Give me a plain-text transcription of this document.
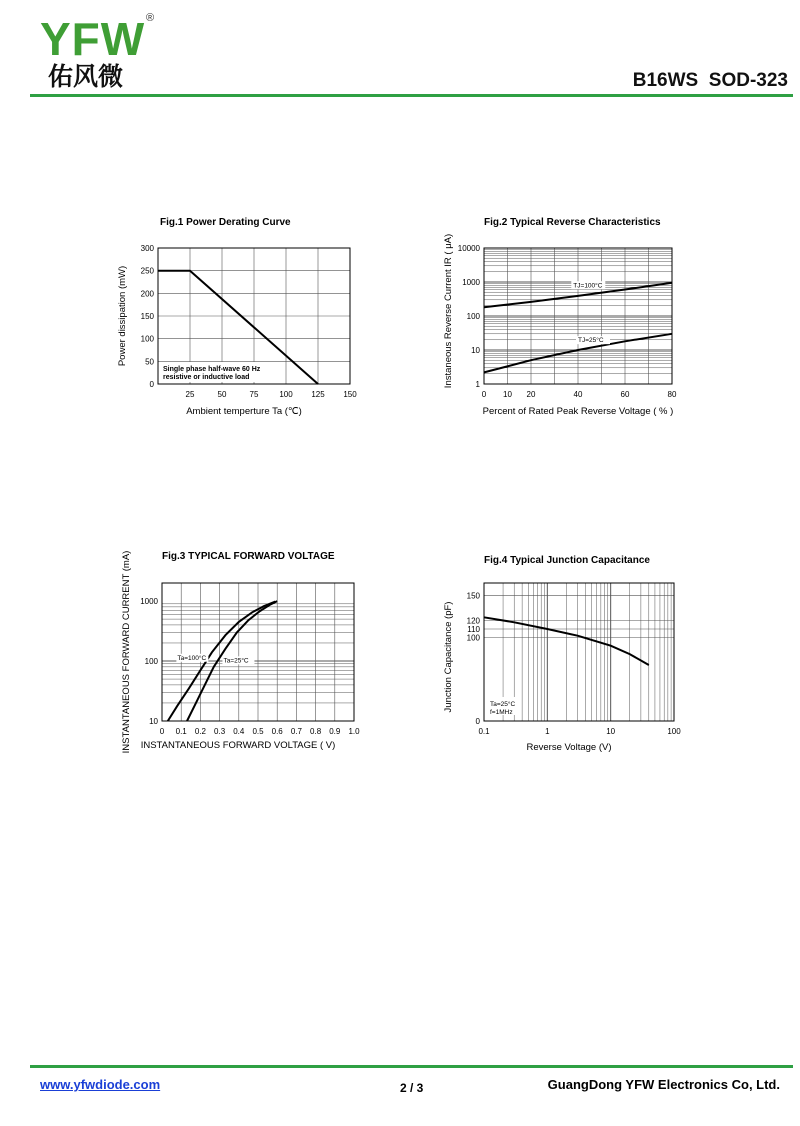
YFW ®
佑风微	B16WS  SOD-323
25	50	75	100 125 150
0
50
100
150
200
250
300
Single phase half-wave 60 Hz
resistive or inductive load
Fig.1 Power Derating Curve
Ambient temperture Ta (℃)
Power dissipation (mW)
0 10 20	40	60	80
1
10
100
1000
10000
TJ=100°C
TJ=25°C
Fig.2 Typical Reverse Characteristics
Percent of Rated Peak Reverse Voltage ( % )
Instaneous Reverse Current IR ( μA)
0 0.1 0.2 0.3 0.4 0.5 0.6 0.7 0.8 0.9 1.0
10
100
1000
Ta=100°C	Ta=25°C
Fig.3 TYPICAL FORWARD VOLTAGE
INSTANTANEOUS FORWARD VOLTAGE ( V)
INSTANTANEOUS FORWARD CURRENT (mA)	0.1	1	10	100
0
100
110
120
150
Ta=25°C
f=1MHz
Fig.4 Typical Junction Capacitance
Reverse Voltage (V)
Junction Capacitance (pF)
www.yfwdiode.com	2 / 3	GuangDong YFW Electronics Co, Ltd.
